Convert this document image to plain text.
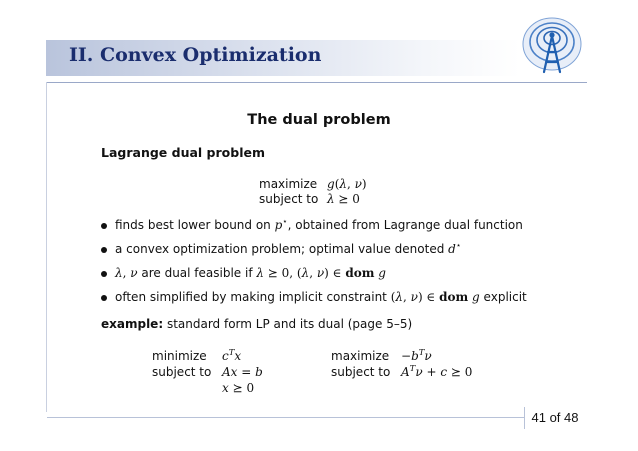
II. Convex Optimization
The dual problem
Lagrange dual problem
maximize g(λ, ν)
subject to λ ⪰ 0
finds best lower bound on p⋆, obtained from Lagrange dual function
a convex optimization problem; optimal value denoted d⋆
λ, ν are dual feasible if λ ⪰ 0, (λ, ν) ∈ dom g
often simplified by making implicit constraint (λ, ν) ∈ dom g explicit
example: standard form LP and its dual (page 5–5)
minimize $c^Tx$
subject to Ax = b
x ⪰ 0
maximize $-b^T\nu$
subject to $A^T\nu + c$ ⪰ 0
41 of 48
